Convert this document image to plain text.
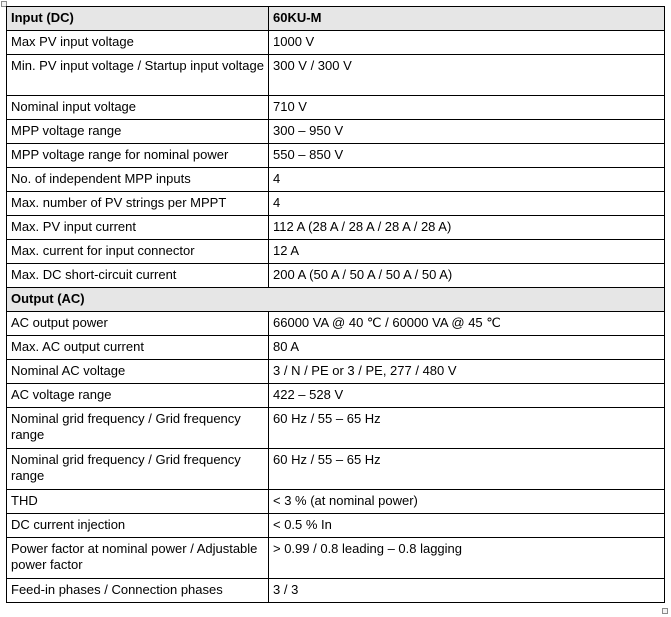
Input (DC)	60KU-M
Max PV input voltage	1000 V
Min. PV input voltage / Startup input voltage	300 V / 300 V
Nominal input voltage	710 V
MPP voltage range	300 – 950 V
MPP voltage range for nominal power	550 – 850 V
No. of independent MPP inputs	4
Max. number of PV strings per MPPT	4
Max. PV input current	112 A (28 A / 28 A / 28 A / 28 A)
Max. current for input connector	12 A
Max. DC short-circuit current	200 A (50 A / 50 A / 50 A / 50 A)
Output (AC)	
AC output power	66000 VA @ 40 ℃ / 60000 VA @ 45 ℃
Max. AC output current	80 A
Nominal AC voltage	3 / N / PE or 3 / PE, 277 / 480 V
AC voltage range	422 – 528 V
Nominal grid frequency / Grid frequency range	60 Hz / 55 – 65 Hz
Nominal grid frequency / Grid frequency range	60 Hz / 55 – 65 Hz
THD	< 3 % (at nominal power)
DC current injection	< 0.5 % In
Power factor at nominal power / Adjustable power factor	> 0.99 / 0.8 leading – 0.8 lagging
Feed-in phases / Connection phases	3 / 3
